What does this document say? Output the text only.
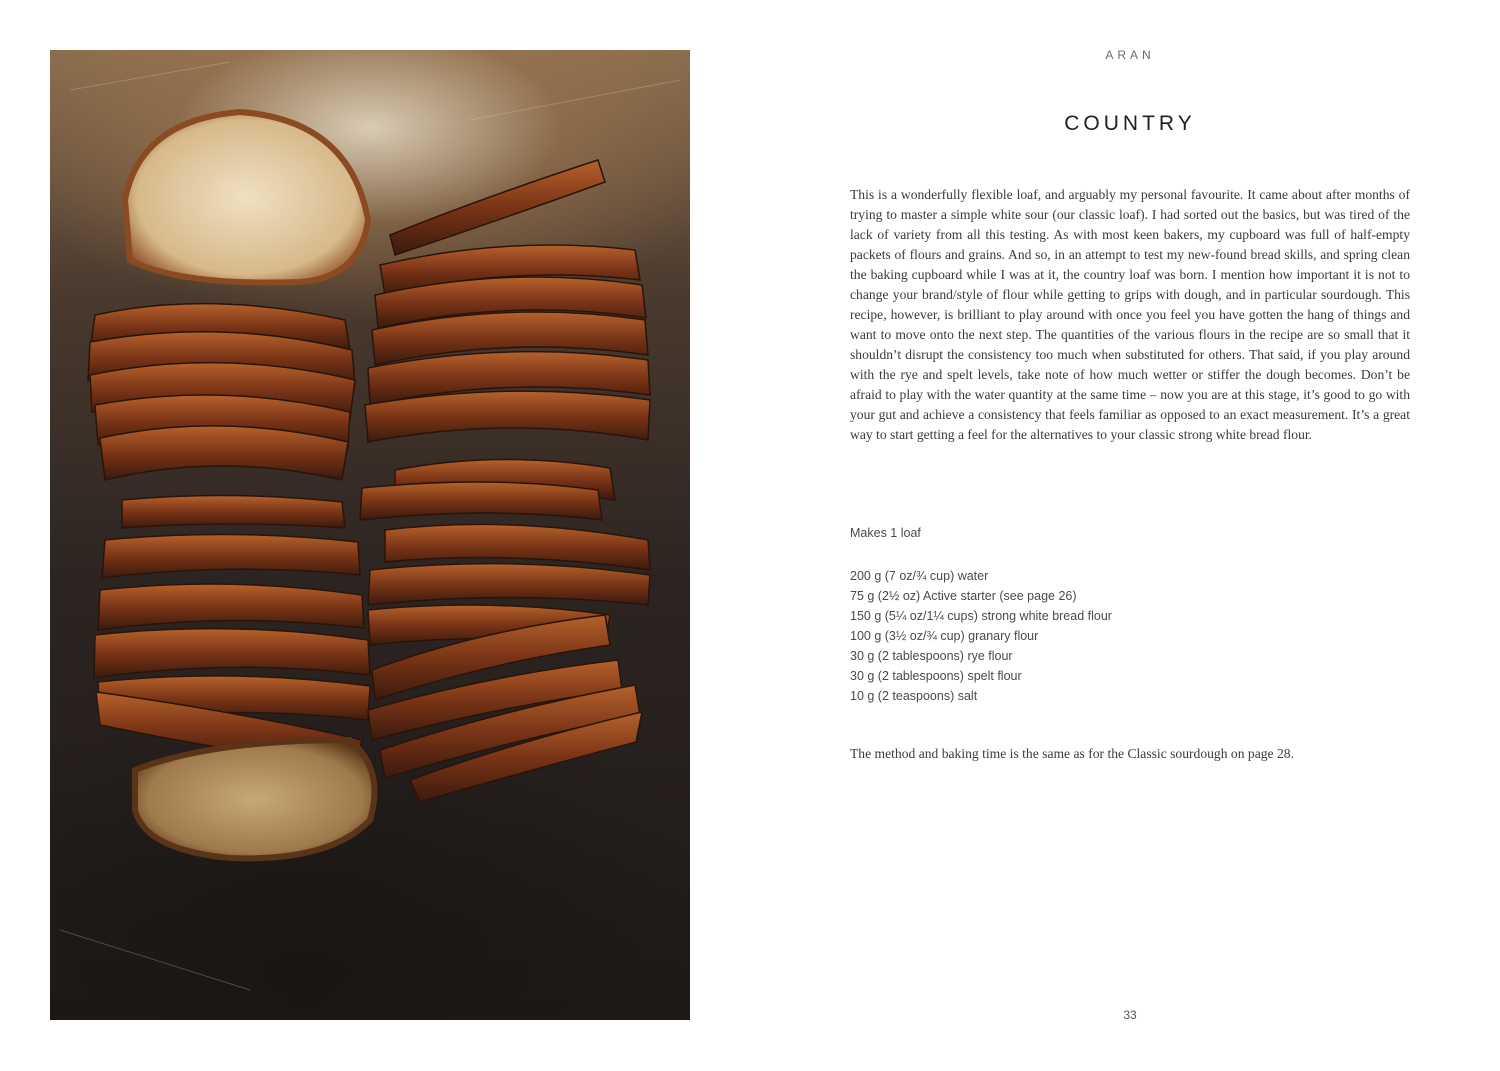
ARAN
COUNTRY

This is a wonderfully flexible loaf, and arguably my personal favourite. It came about after months of trying to master a simple white sour (our classic loaf). I had sorted out the basics, but was tired of the lack of variety from all this testing. As with most keen bakers, my cupboard was full of half-empty packets of flours and grains. And so, in an attempt to test my new-found bread skills, and spring clean the baking cupboard while I was at it, the country loaf was born. I mention how important it is not to change your brand/style of flour while getting to grips with dough, and in particular sourdough. This recipe, however, is brilliant to play around with once you feel you have gotten the hang of things and want to move onto the next step. The quantities of the various flours in the recipe are so small that it shouldn’t disrupt the consistency too much when substituted for others. That said, if you play around with the rye and spelt levels, take note of how much wetter or stiffer the dough becomes. Don’t be afraid to play with the water quantity at the same time – now you are at this stage, it’s good to go with your gut and achieve a consistency that feels familiar as opposed to an exact measurement. It’s a great way to start getting a feel for the alternatives to your classic strong white bread flour.

Makes 1 loaf

200 g (7 oz/¾ cup) water
75 g (2½ oz) Active starter (see page 26)
150 g (5¼ oz/1¼ cups) strong white bread flour
100 g (3½ oz/¾ cup) granary flour
30 g (2 tablespoons) rye flour
30 g (2 tablespoons) spelt flour
10 g (2 teaspoons) salt

The method and baking time is the same as for the Classic sourdough on page 28.

33
